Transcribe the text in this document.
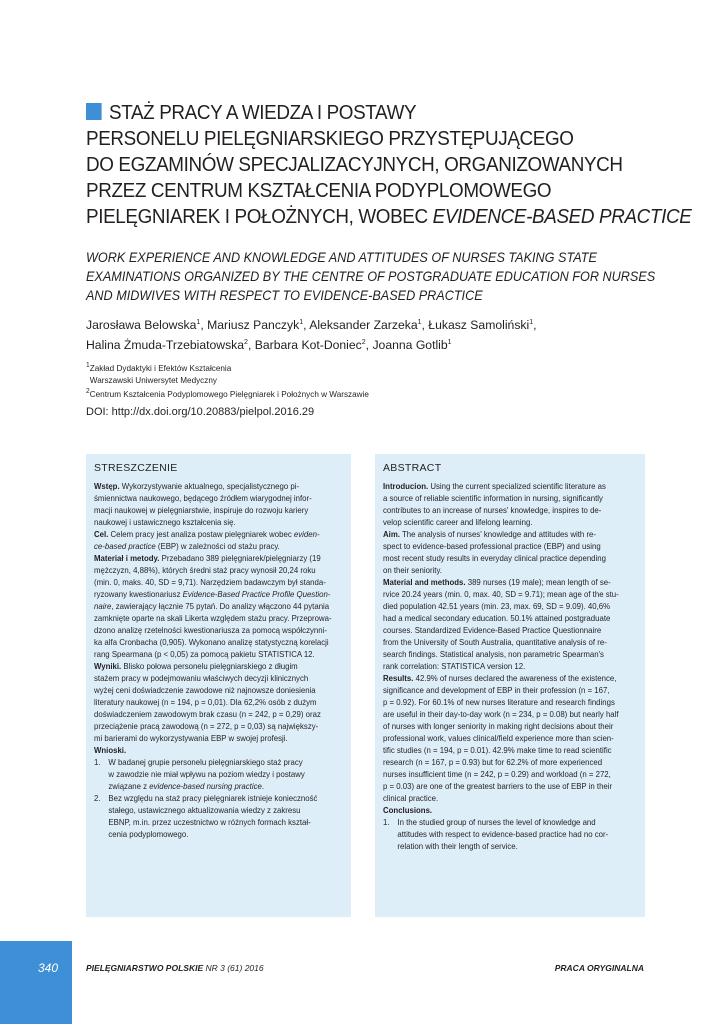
STAŻ PRACY A WIEDZA I POSTAWY
PERSONELU PIELĘGNIARSKIEGO PRZYSTĘPUJĄCEGO
DO EGZAMINÓW SPECJALIZACYJNYCH, ORGANIZOWANYCH
PRZEZ CENTRUM KSZTAŁCENIA PODYPLOMOWEGO
PIELĘGNIAREK I POŁOŻNYCH, WOBEC EVIDENCE-BASED PRACTICE
WORK EXPERIENCE AND KNOWLEDGE AND ATTITUDES OF NURSES TAKING STATE
EXAMINATIONS ORGANIZED BY THE CENTRE OF POSTGRADUATE EDUCATION FOR NURSES
AND MIDWIVES WITH RESPECT TO EVIDENCE-BASED PRACTICE
Jarosława Belowska$^1$, Mariusz Panczyk$^1$, Aleksander Zarzeka$^1$, Łukasz Samoliński$^1$,
Halina Żmuda-Trzebiatowska$^2$, Barbara Kot-Doniec$^2$, Joanna Gotlib$^1$
$^1$Zakład Dydaktyki i Efektów Kształcenia
Warszawski Uniwersytet Medyczny
$^2$Centrum Kształcenia Podyplomowego Pielęgniarek i Położnych w Warszawie
DOI: http://dx.doi.org/10.20883/pielpol.2016.29
STRESZCZENIE
Wstęp. Wykorzystywanie aktualnego, specjalistycznego pi-
śmiennictwa naukowego, będącego źródłem wiarygodnej infor-
macji naukowej w pielęgniarstwie, inspiruje do rozwoju kariery
naukowej i ustawicznego kształcenia się.
Cel. Celem pracy jest analiza postaw pielęgniarek wobec eviden-
ce-based practice (EBP) w zależności od stażu pracy.
Materiał i metody. Przebadano 389 pielęgniarek/pielęgniarzy (19
mężczyzn, 4,88%), których średni staż pracy wynosił 20,24 roku
(min. 0, maks. 40, SD = 9,71). Narzędziem badawczym był standa-
ryzowany kwestionariusz Evidence-Based Practice Profile Question-
naire, zawierający łącznie 75 pytań. Do analizy włączono 44 pytania
zamknięte oparte na skali Likerta względem stażu pracy. Przeprowa-
dzono analizę rzetelności kwestionariusza za pomocą współczynni-
ka alfa Cronbacha (0,905). Wykonano analizę statystyczną korelacji
rang Spearmana (p < 0,05) za pomocą pakietu STATISTICA 12.
Wyniki. Blisko połowa personelu pielęgniarskiego z długim
stażem pracy w podejmowaniu właściwych decyzji klinicznych
wyżej ceni doświadczenie zawodowe niż najnowsze doniesienia
literatury naukowej (n = 194, p = 0,01). Dla 62,2% osób z dużym
doświadczeniem zawodowym brak czasu (n = 242, p = 0,29) oraz
przeciążenie pracą zawodową (n = 272, p = 0,03) są największy-
mi barierami do wykorzystywania EBP w swojej profesji.
Wnioski.
1. W badanej grupie personelu pielęgniarskiego staż pracy
w zawodzie nie miał wpływu na poziom wiedzy i postawy
związane z evidence-based nursing practice.
2. Bez względu na staż pracy pielęgniarek istnieje konieczność
stałego, ustawicznego aktualizowania wiedzy z zakresu
EBNP, m.in. przez uczestnictwo w różnych formach kształ-
cenia podyplomowego.
ABSTRACT
Introducion. Using the current specialized scientific literature as
a source of reliable scientific information in nursing, significantly
contributes to an increase of nurses' knowledge, inspires to de-
velop scientific career and lifelong learning.
Aim. The analysis of nurses' knowledge and attitudes with re-
spect to evidence-based professional practice (EBP) and using
most recent study results in everyday clinical practice depending
on their seniority.
Material and methods. 389 nurses (19 male); mean length of se-
rvice 20.24 years (min. 0, max. 40, SD = 9.71); mean age of the stu-
died population 42.51 years (min. 23, max. 69, SD = 9.09). 40,6%
had a medical secondary education. 50.1% attained postgraduate
courses. Standardized Evidence-Based Practice Questionnaire
from the University of South Australia, quantitative analysis of re-
search findings. Statistical analysis, non parametric Spearman's
rank correlation: STATISTICA version 12.
Results. 42.9% of nurses declared the awareness of the existence,
significance and development of EBP in their profession (n = 167,
p = 0.92). For 60.1% of new nurses literature and research findings
are useful in their day-to-day work (n = 234, p = 0.08) but nearly half
of nurses with longer seniority in making right decisions about their
professional work, values clinical/field experience more than scien-
tific studies (n = 194, p = 0.01). 42.9% make time to read scientific
research (n = 167, p = 0.93) but for 62.2% of more experienced
nurses insufficient time (n = 242, p = 0.29) and workload (n = 272,
p = 0.03) are one of the greatest barriers to the use of EBP in their
clinical practice.
Conclusions.
1. In the studied group of nurses the level of knowledge and
attitudes with respect to evidence-based practice had no cor-
relation with their length of service.
340	PIELĘGNIARSTWO POLSKIE NR 3 (61) 2016	PRACA ORYGINALNA
